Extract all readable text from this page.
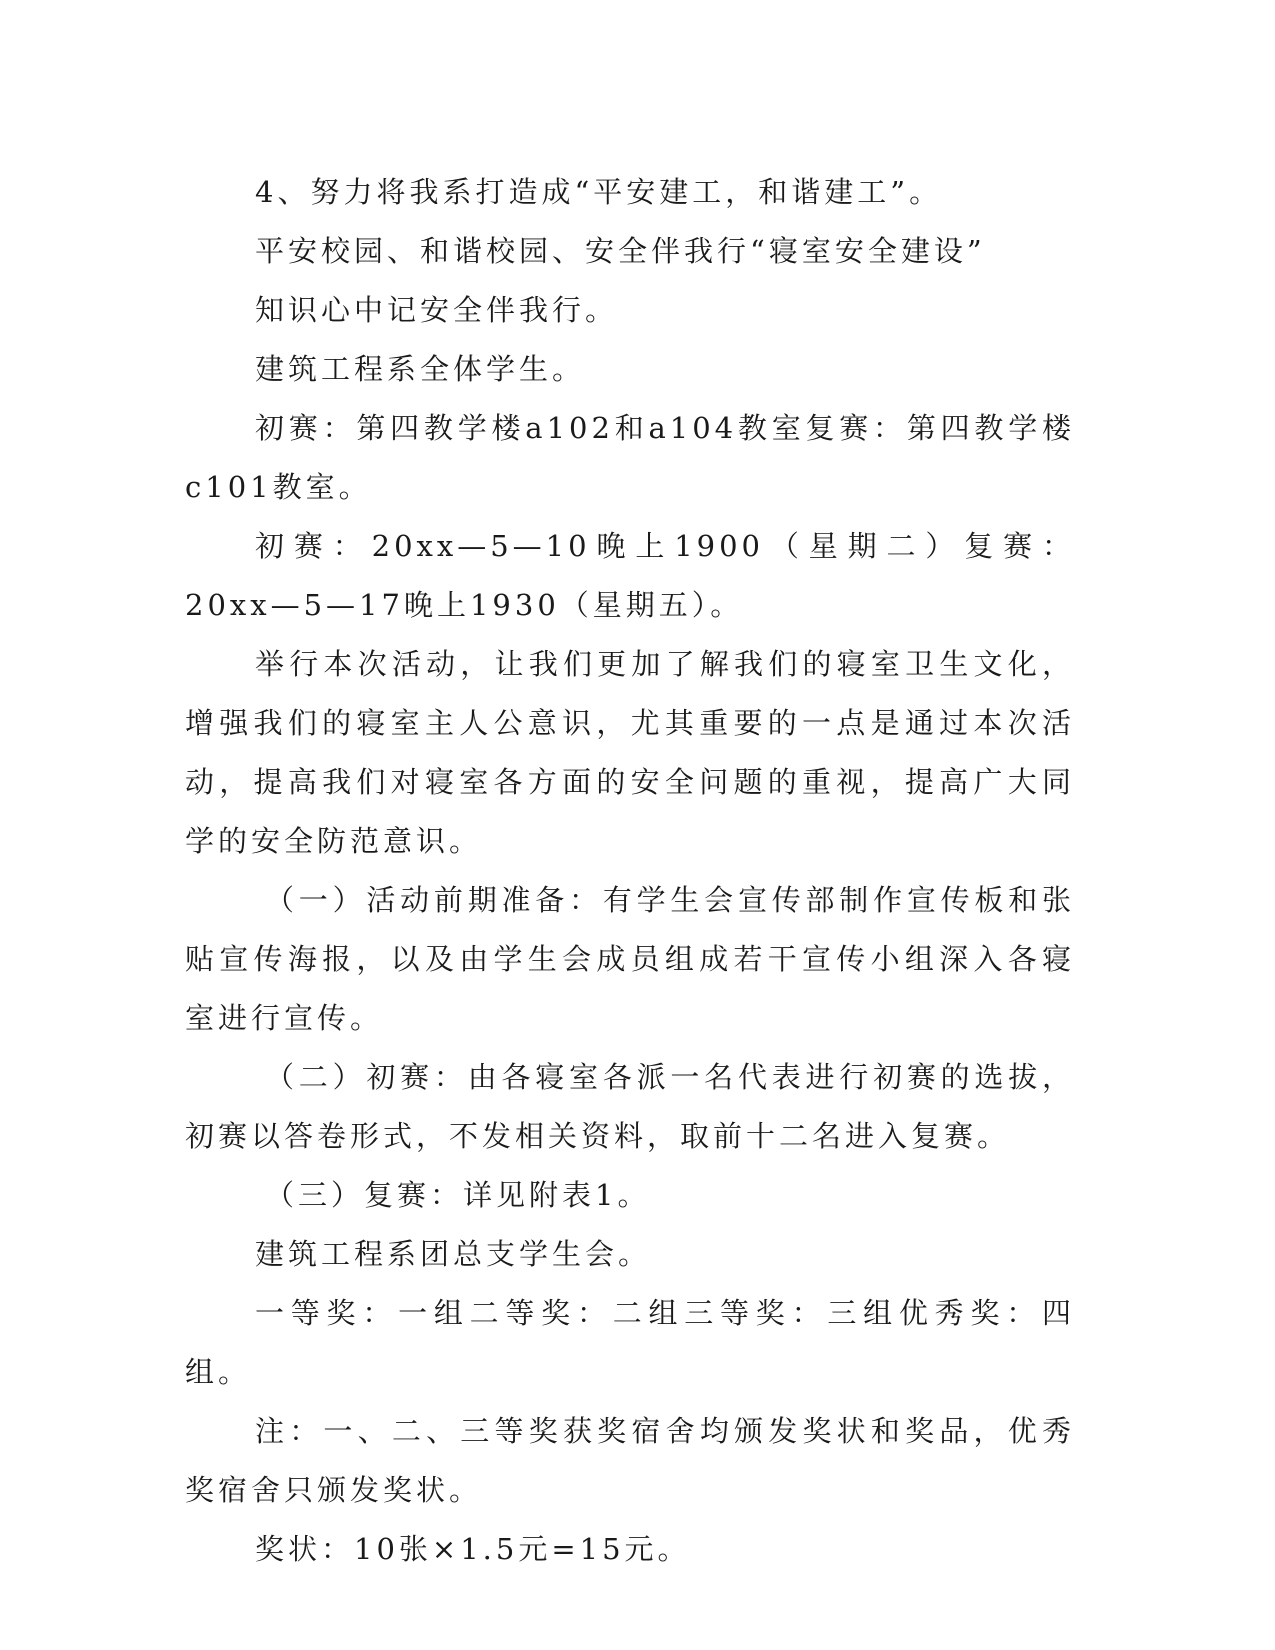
4、努力将我系打造成“平安建工，和谐建工”。

平安校园、和谐校园、安全伴我行“寝室安全建设”

知识心中记安全伴我行。

建筑工程系全体学生。

初赛：第四教学楼a102和a104教室复赛：第四教学楼c101教室。

初赛：20xx—5—10晚上1900（星期二）复赛：20xx—5—17晚上1930（星期五）。

举行本次活动，让我们更加了解我们的寝室卫生文化，增强我们的寝室主人公意识，尤其重要的一点是通过本次活动，提高我们对寝室各方面的安全问题的重视，提高广大同学的安全防范意识。

（一）活动前期准备：有学生会宣传部制作宣传板和张贴宣传海报，以及由学生会成员组成若干宣传小组深入各寝室进行宣传。

（二）初赛：由各寝室各派一名代表进行初赛的选拔，初赛以答卷形式，不发相关资料，取前十二名进入复赛。

（三）复赛：详见附表1。

建筑工程系团总支学生会。

一等奖：一组二等奖：二组三等奖：三组优秀奖：四组。

注：一、二、三等奖获奖宿舍均颁发奖状和奖品，优秀奖宿舍只颁发奖状。

奖状：10张×1.5元=15元。
